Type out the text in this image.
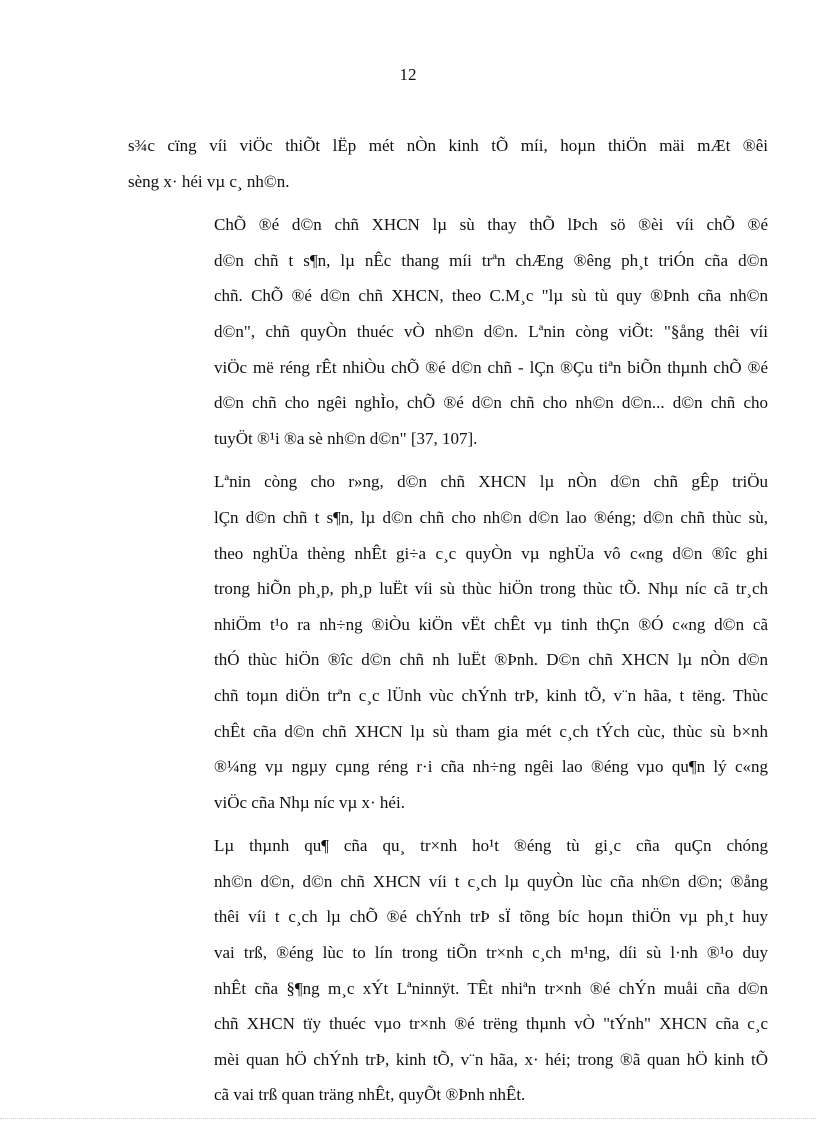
12
s¾c cïng víi viÖc thiÕt lËp mét nÒn kinh tÕ míi, hoµn thiÖn mäi mÆt ®êi
sèng x· héi vµ c¸ nh©n.
ChÕ ®é d©n chñ XHCN lµ sù thay thÕ lÞch sö ®èi víi chÕ ®é
d©n chñ t s¶n, lµ nÊc thang míi trªn chÆng ®êng ph¸t triÓn cña d©n
chñ. ChÕ ®é d©n chñ XHCN, theo C.M¸c "lµ sù tù quy ®Þnh cña nh©n
d©n", chñ quyÒn thuéc vÒ nh©n d©n. Lªnin còng viÕt: "§ång thêi víi
viÖc më réng rÊt nhiÒu chÕ ®é d©n chñ - lÇn ®Çu tiªn biÕn thµnh chÕ ®é
d©n chñ cho ngêi nghÌo, chÕ ®é d©n chñ cho nh©n d©n... d©n chñ cho
tuyÖt ®¹i ®a sè nh©n d©n" [37, 107].
Lªnin còng cho r»ng, d©n chñ XHCN lµ nÒn d©n chñ gÊp triÖu
lÇn d©n chñ t s¶n, lµ d©n chñ cho nh©n d©n lao ®éng; d©n chñ thùc sù,
theo nghÜa thèng nhÊt gi÷a c¸c quyÒn vµ nghÜa vô c«ng d©n ®îc ghi
trong hiÕn ph¸p, ph¸p luËt víi sù thùc hiÖn trong thùc tÕ. Nhµ níc cã tr¸ch
nhiÖm t¹o ra nh÷ng ®iÒu kiÖn vËt chÊt vµ tinh thÇn ®Ó c«ng d©n cã
thÓ thùc hiÖn ®îc d©n chñ nh luËt ®Þnh. D©n chñ XHCN lµ nÒn d©n
chñ toµn diÖn trªn c¸c lÜnh vùc chÝnh trÞ, kinh tÕ, v¨n hãa, t tëng. Thùc
chÊt cña d©n chñ XHCN lµ sù tham gia mét c¸ch tÝch cùc, thùc sù b×nh
®¼ng vµ ngµy cµng réng r·i cña nh÷ng ngêi lao ®éng vµo qu¶n lý c«ng
viÖc cña Nhµ níc vµ x· héi.
Lµ thµnh qu¶ cña qu¸ tr×nh ho¹t ®éng tù gi¸c cña quÇn chóng
nh©n d©n, d©n chñ XHCN víi t c¸ch lµ quyÒn lùc cña nh©n d©n; ®ång
thêi víi t c¸ch lµ chÕ ®é chÝnh trÞ sÏ tõng bíc hoµn thiÖn vµ ph¸t huy
vai trß, ®éng lùc to lín trong tiÕn tr×nh c¸ch m¹ng, díi sù l·nh ®¹o duy
nhÊt cña §¶ng m¸c xÝt Lªninnÿt. TÊt nhiªn tr×nh ®é chÝn muåi cña d©n
chñ XHCN tïy thuéc vµo tr×nh ®é trëng thµnh vÒ "tÝnh" XHCN cña c¸c
mèi quan hÖ chÝnh trÞ, kinh tÕ, v¨n hãa, x· héi; trong ®ã quan hÖ kinh tÕ
cã vai trß quan träng nhÊt, quyÕt ®Þnh nhÊt.
